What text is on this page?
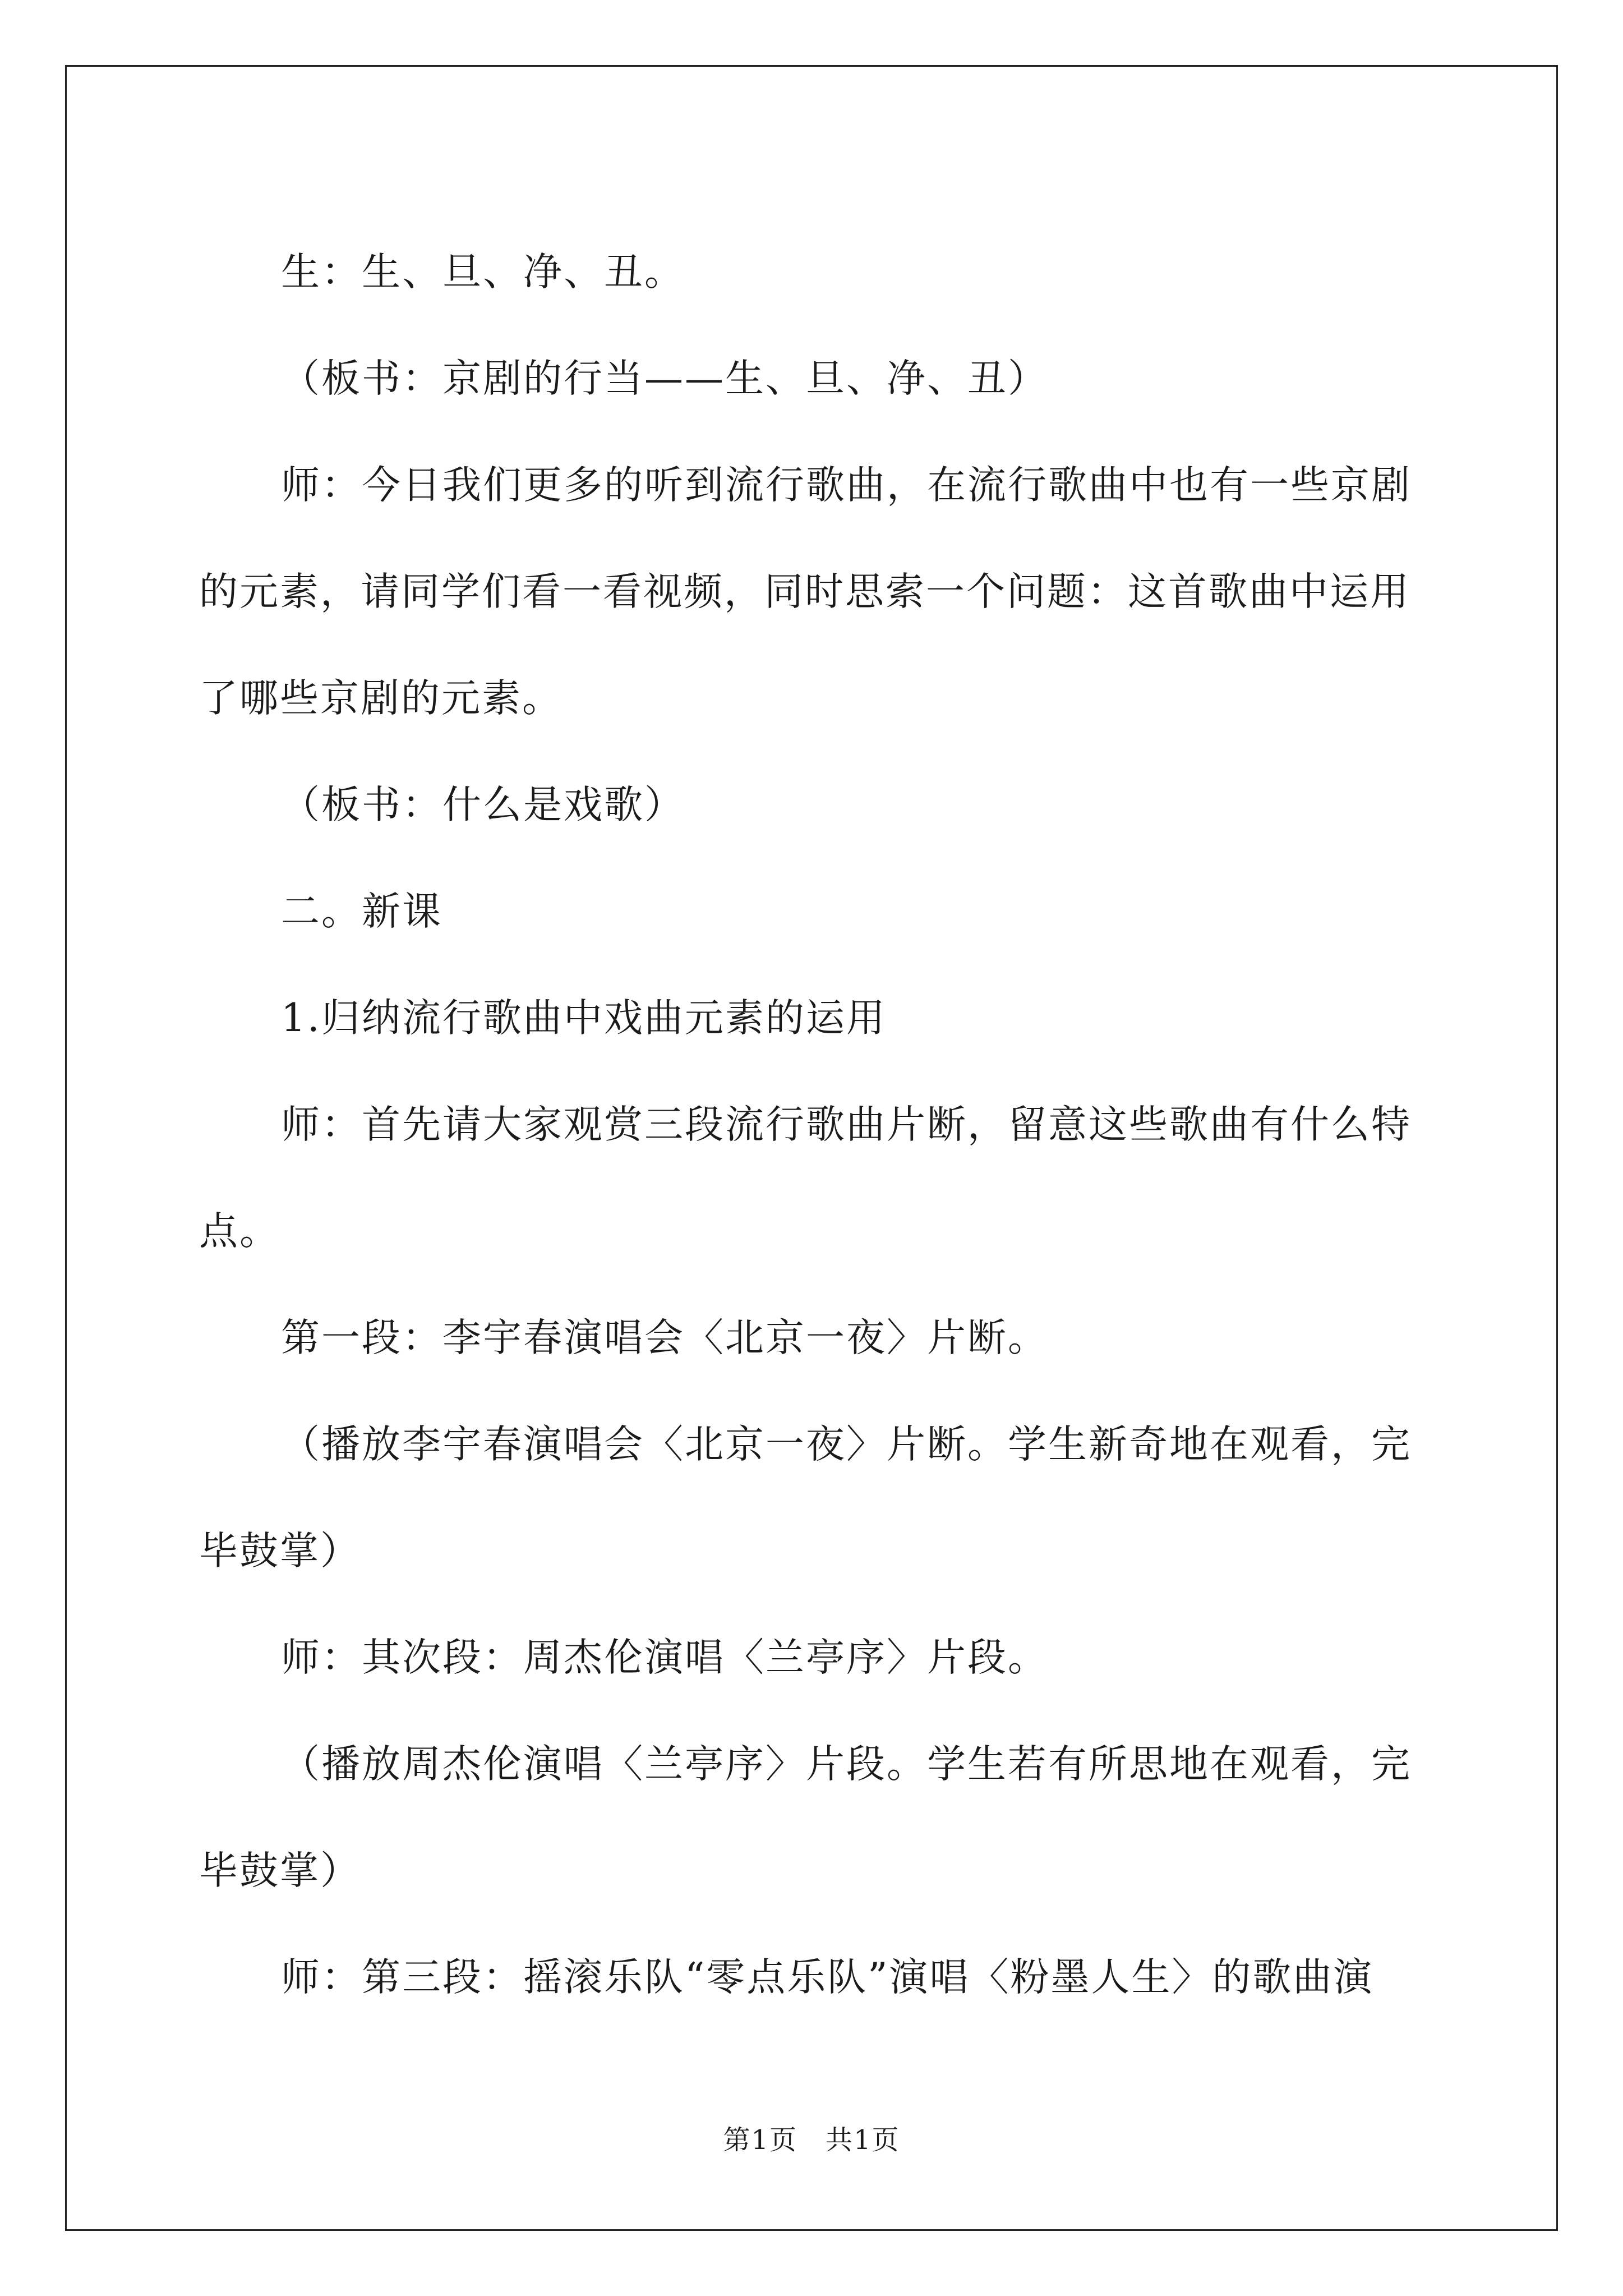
生：生、旦、净、丑。

（板书：京剧的行当——生、旦、净、丑）

师：今日我们更多的听到流行歌曲，在流行歌曲中也有一些京剧

的元素，请同学们看一看视频，同时思索一个问题：这首歌曲中运用

了哪些京剧的元素。

（板书：什么是戏歌）

二。新课

1.归纳流行歌曲中戏曲元素的运用

师：首先请大家观赏三段流行歌曲片断，留意这些歌曲有什么特

点。

第一段：李宇春演唱会〈北京一夜〉片断。

（播放李宇春演唱会〈北京一夜〉片断。学生新奇地在观看，完

毕鼓掌）

师：其次段：周杰伦演唱〈兰亭序〉片段。

（播放周杰伦演唱〈兰亭序〉片段。学生若有所思地在观看，完

毕鼓掌）

师：第三段：摇滚乐队“零点乐队”演唱〈粉墨人生〉的歌曲演

第1页　共1页
